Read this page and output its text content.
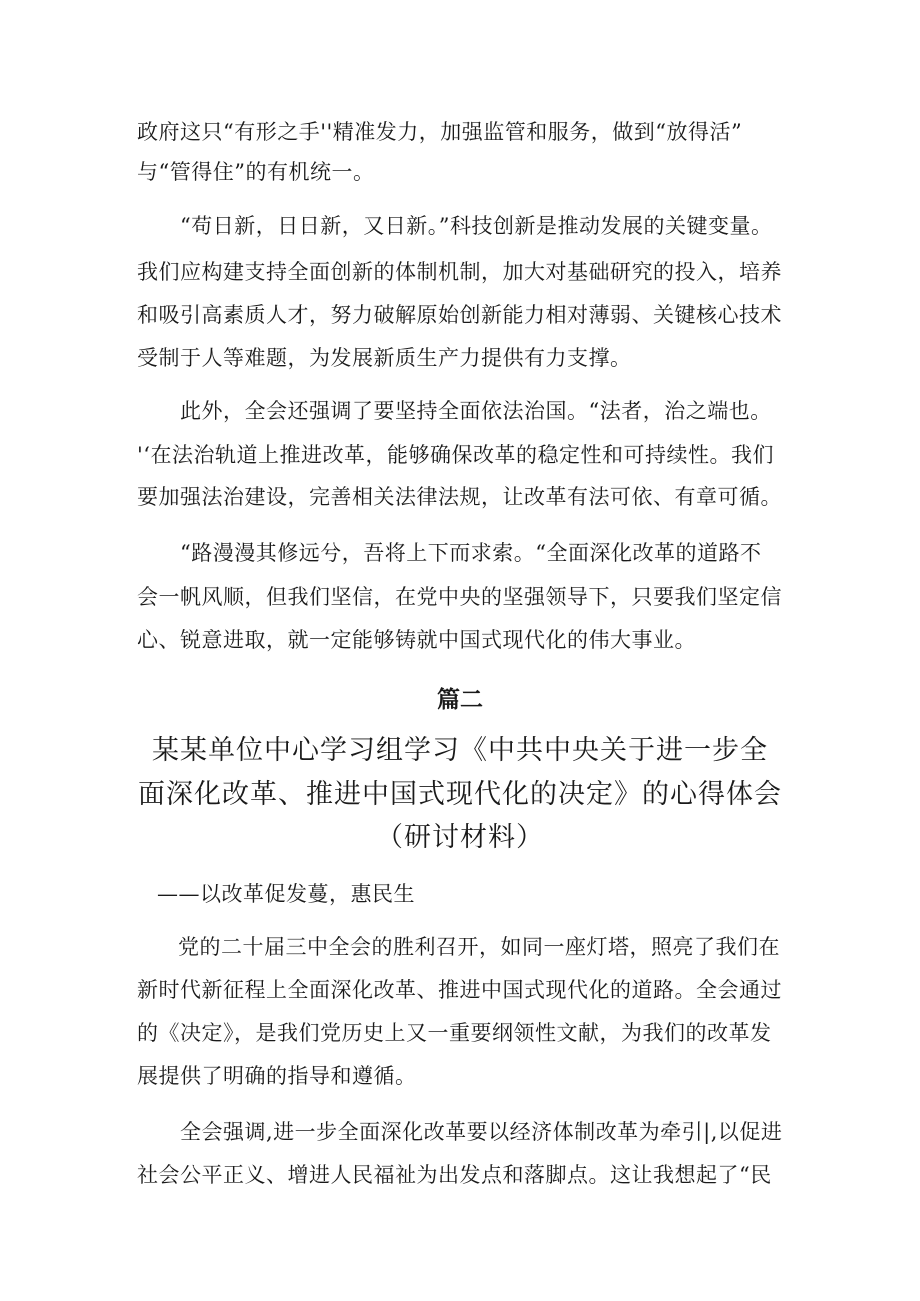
政府这只“有形之手''精准发力，加强监管和服务，做到“放得活”
与“管得住”的有机统一。
“苟日新，日日新，又日新。”科技创新是推动发展的关键变量。
我们应构建支持全面创新的体制机制，加大对基础研究的投入，培养
和吸引高素质人才，努力破解原始创新能力相对薄弱、关键核心技术
受制于人等难题，为发展新质生产力提供有力支撑。
此外，全会还强调了要坚持全面依法治国。“法者，治之端也。
'‘在法治轨道上推进改革，能够确保改革的稳定性和可持续性。我们
要加强法治建设，完善相关法律法规，让改革有法可依、有章可循。
“路漫漫其修远兮，吾将上下而求索。“全面深化改革的道路不
会一帆风顺，但我们坚信，在党中央的坚强领导下，只要我们坚定信
心、锐意进取，就一定能够铸就中国式现代化的伟大事业。
篇二
某某单位中心学习组学习《中共中央关于进一步全
面深化改革、推进中国式现代化的决定》的心得体会
（研讨材料）
——以改革促发蔓，惠民生
党的二十届三中全会的胜利召开，如同一座灯塔，照亮了我们在
新时代新征程上全面深化改革、推进中国式现代化的道路。全会通过
的《决定》，是我们党历史上又一重要纲领性文献，为我们的改革发
展提供了明确的指导和遵循。
全会强调,进一步全面深化改革要以经济体制改革为牵引|,以促进
社会公平正义、增进人民福祉为出发点和落脚点。这让我想起了“民
